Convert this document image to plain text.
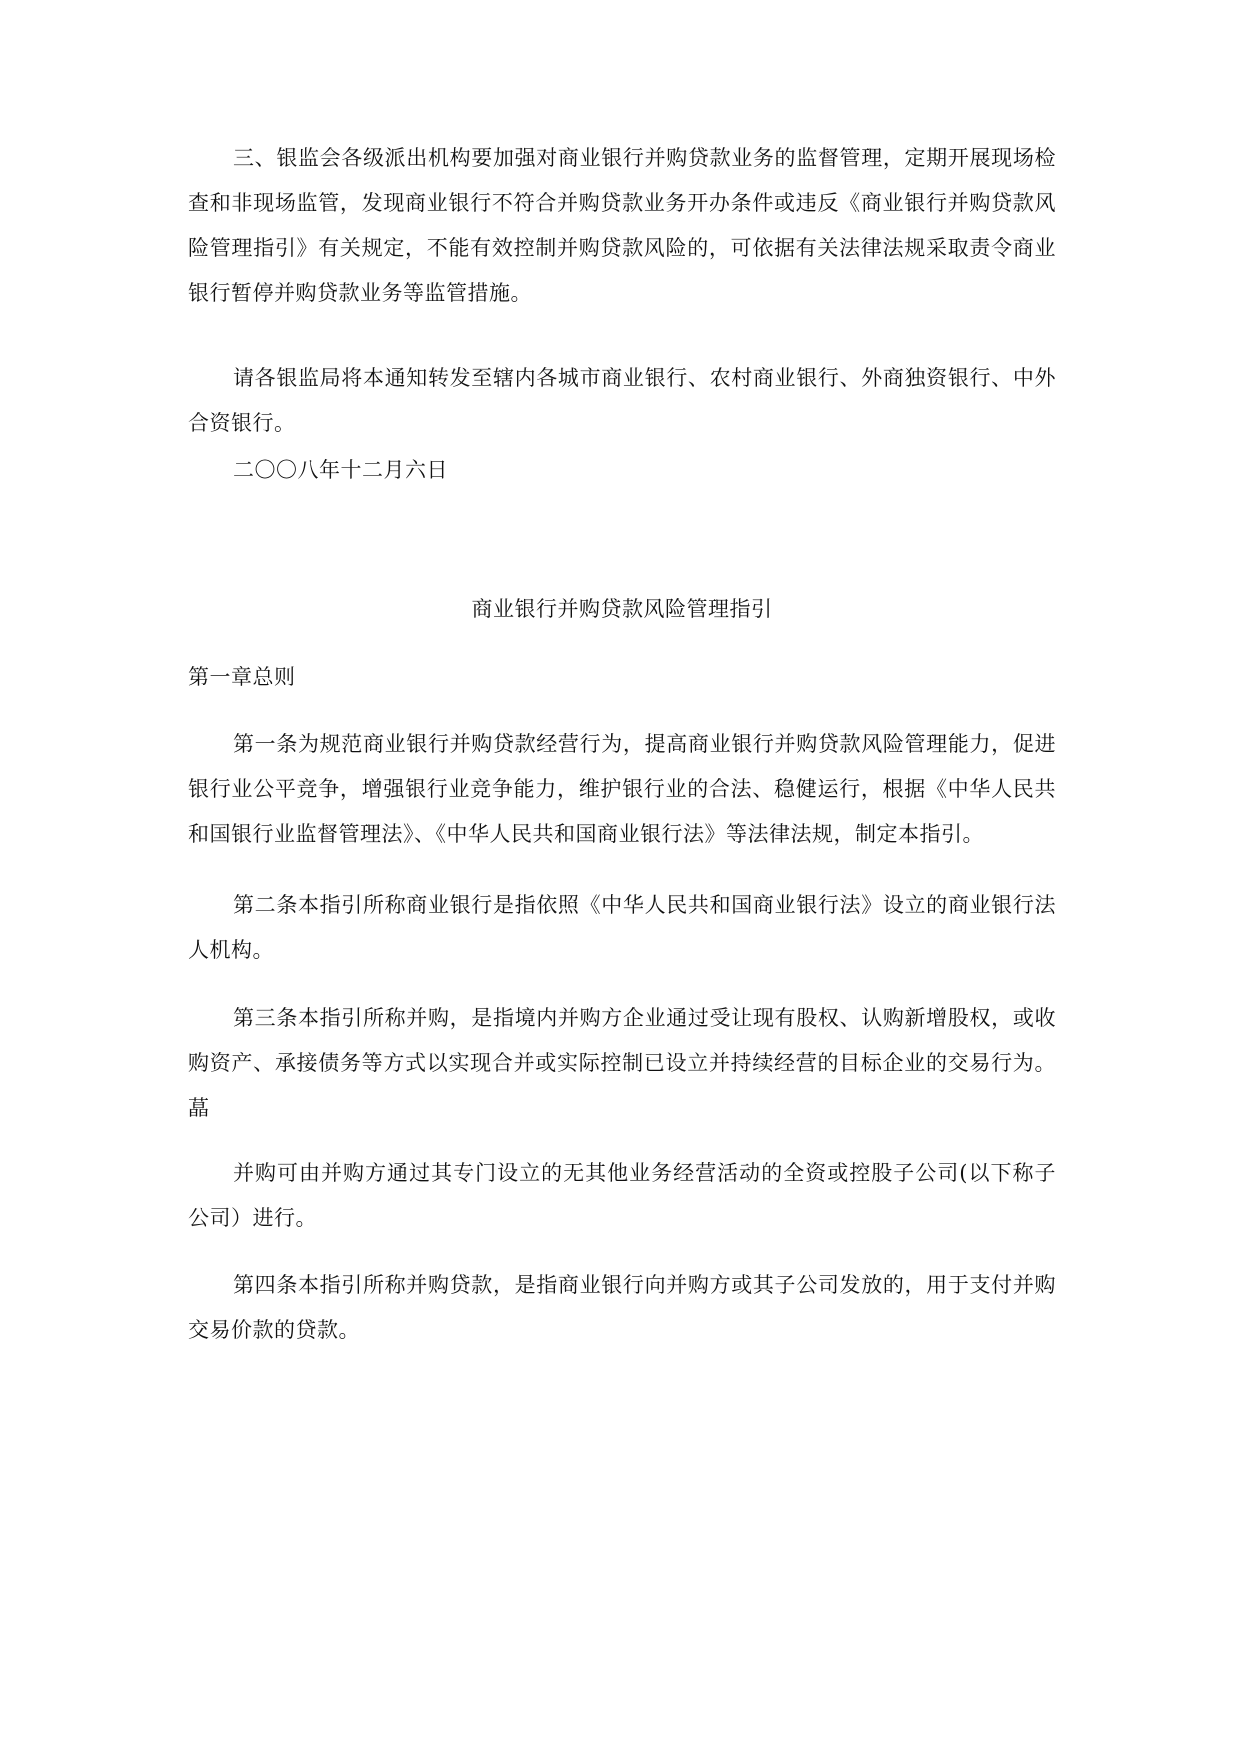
三、银监会各级派出机构要加强对商业银行并购贷款业务的监督管理，定期开展现场检查和非现场监管，发现商业银行不符合并购贷款业务开办条件或违反《商业银行并购贷款风险管理指引》有关规定，不能有效控制并购贷款风险的，可依据有关法律法规采取责令商业银行暂停并购贷款业务等监管措施。

请各银监局将本通知转发至辖内各城市商业银行、农村商业银行、外商独资银行、中外合资银行。

二〇〇八年十二月六日

商业银行并购贷款风险管理指引
第一章总则

第一条为规范商业银行并购贷款经营行为，提高商业银行并购贷款风险管理能力，促进银行业公平竞争，增强银行业竞争能力，维护银行业的合法、稳健运行，根据《中华人民共和国银行业监督管理法》、《中华人民共和国商业银行法》等法律法规，制定本指引。

第二条本指引所称商业银行是指依照《中华人民共和国商业银行法》设立的商业银行法人机构。

第三条本指引所称并购，是指境内并购方企业通过受让现有股权、认购新增股权，或收购资产、承接债务等方式以实现合并或实际控制已设立并持续经营的目标企业的交易行为。蕌

并购可由并购方通过其专门设立的无其他业务经营活动的全资或控股子公司(以下称子公司）进行。

第四条本指引所称并购贷款，是指商业银行向并购方或其子公司发放的，用于支付并购交易价款的贷款。
